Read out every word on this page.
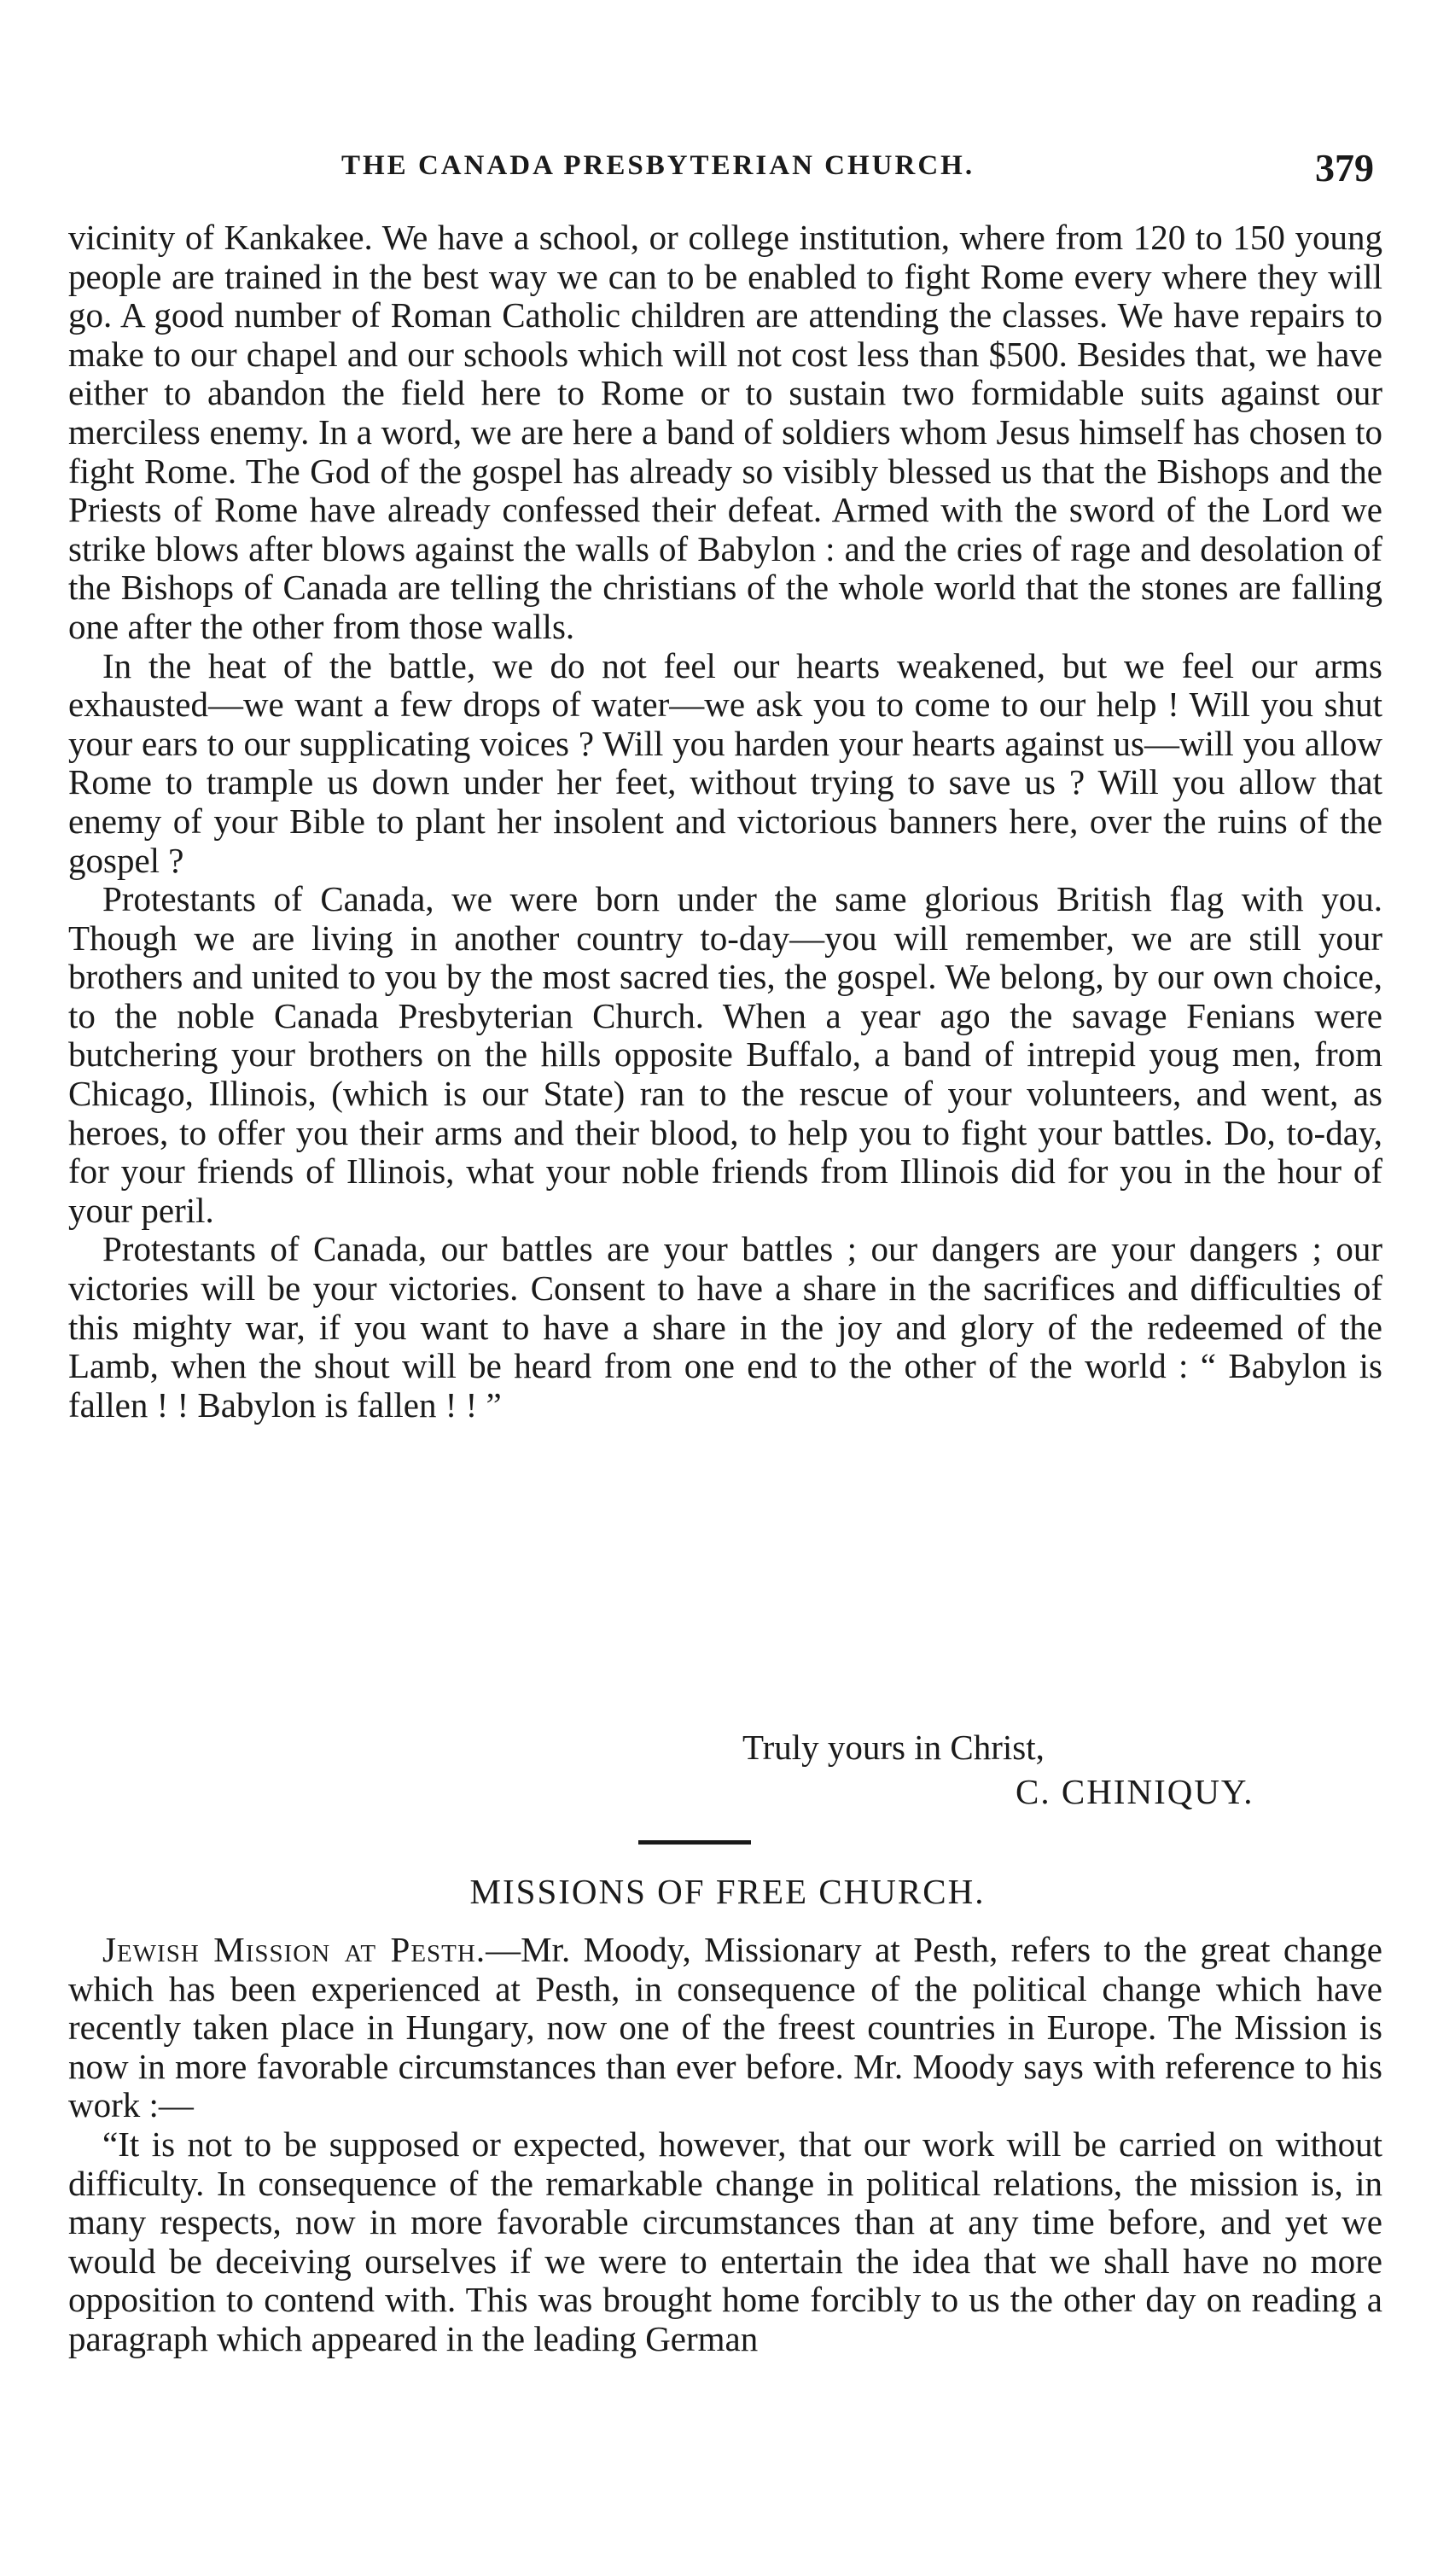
THE CANADA PRESBYTERIAN CHURCH.	379

vicinity of Kankakee. We have a school, or college institution, where from 120 to 150 young people are trained in the best way we can to be enabled to fight Rome every where they will go. A good number of Roman Catholic children are attending the classes. We have repairs to make to our chapel and our schools which will not cost less than $500. Besides that, we have either to abandon the field here to Rome or to sustain two formidable suits against our merciless enemy. In a word, we are here a band of soldiers whom Jesus himself has chosen to fight Rome. The God of the gospel has already so visibly blessed us that the Bishops and the Priests of Rome have already confessed their defeat. Armed with the sword of the Lord we strike blows after blows against the walls of Babylon : and the cries of rage and desolation of the Bishops of Canada are telling the christians of the whole world that the stones are falling one after the other from those walls.

In the heat of the battle, we do not feel our hearts weakened, but we feel our arms exhausted—we want a few drops of water—we ask you to come to our help ! Will you shut your ears to our supplicating voices ? Will you harden your hearts against us—will you allow Rome to trample us down under her feet, without trying to save us ? Will you allow that enemy of your Bible to plant her insolent and victorious banners here, over the ruins of the gospel ?

Protestants of Canada, we were born under the same glorious British flag with you. Though we are living in another country to-day—you will remember, we are still your brothers and united to you by the most sacred ties, the gospel. We belong, by our own choice, to the noble Canada Presbyterian Church. When a year ago the savage Fenians were butchering your brothers on the hills opposite Buffalo, a band of intrepid youg men, from Chicago, Illinois, (which is our State) ran to the rescue of your volunteers, and went, as heroes, to offer you their arms and their blood, to help you to fight your battles. Do, to-day, for your friends of Illinois, what your noble friends from Illinois did for you in the hour of your peril.

Protestants of Canada, our battles are your battles ; our dangers are your dangers ; our victories will be your victories. Consent to have a share in the sacrifices and difficulties of this mighty war, if you want to have a share in the joy and glory of the redeemed of the Lamb, when the shout will be heard from one end to the other of the world : “ Babylon is fallen ! ! Babylon is fallen ! ! ”

Truly yours in Christ,
C. CHINIQUY.
MISSIONS OF FREE CHURCH.

Jewish Mission at Pesth.—Mr. Moody, Missionary at Pesth, refers to the great change which has been experienced at Pesth, in consequence of the political change which have recently taken place in Hungary, now one of the freest countries in Europe. The Mission is now in more favorable circumstances than ever before. Mr. Moody says with reference to his work :—

“It is not to be supposed or expected, however, that our work will be carried on without difficulty. In consequence of the remarkable change in political relations, the mission is, in many respects, now in more favorable circumstances than at any time before, and yet we would be deceiving ourselves if we were to entertain the idea that we shall have no more opposition to contend with. This was brought home forcibly to us the other day on reading a paragraph which appeared in the leading German
